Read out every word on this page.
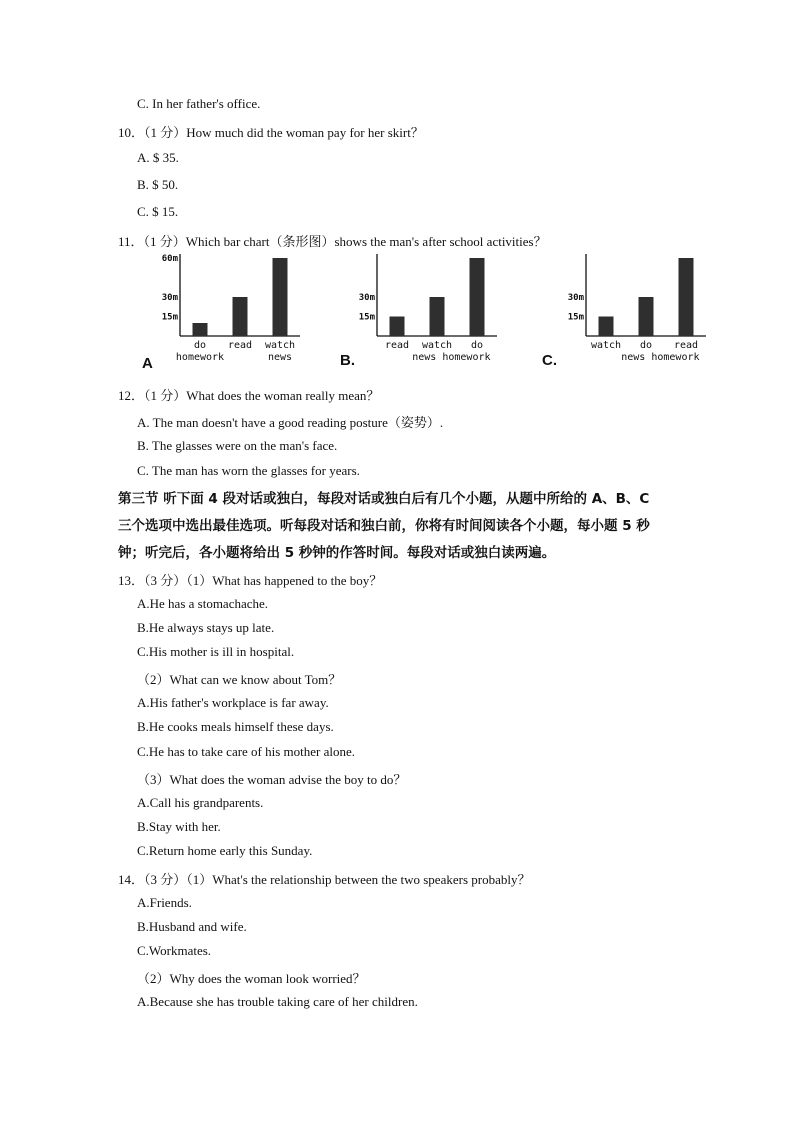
C. In her father's office.
10．（1 分）How much did the woman pay for her skirt？
A. $ 35.
B. $ 50.
C. $ 15.
11．（1 分）Which bar chart（条形图）shows the man's after school activities？
A
60m
30m
15m
do
homework
read watch
news	B.
30m
15m
read watch do
news homework	C.
30m
15m
watch do read
news homework
12．（1 分）What does the woman really mean？
A. The man doesn't have a good reading posture（姿势）.
B. The glasses were on the man's face.
C. The man has worn the glasses for years.
第三节 听下面 4 段对话或独白，每段对话或独白后有几个小题，从题中所给的 A、B、C
三个选项中选出最佳选项。听每段对话和独白前，你将有时间阅读各个小题，每小题 5 秒
钟；听完后，各小题将给出 5 秒钟的作答时间。每段对话或独白读两遍。
13．（3 分）（1）What has happened to the boy？
A.He has a stomachache.
B.He always stays up late.
C.His mother is ill in hospital.
（2）What can we know about Tom？
A.His father's workplace is far away.
B.He cooks meals himself these days.
C.He has to take care of his mother alone.
（3）What does the woman advise the boy to do？
A.Call his grandparents.
B.Stay with her.
C.Return home early this Sunday.
14．（3 分）（1）What's the relationship between the two speakers probably？
A.Friends.
B.Husband and wife.
C.Workmates.
（2）Why does the woman look worried？
A.Because she has trouble taking care of her children.
